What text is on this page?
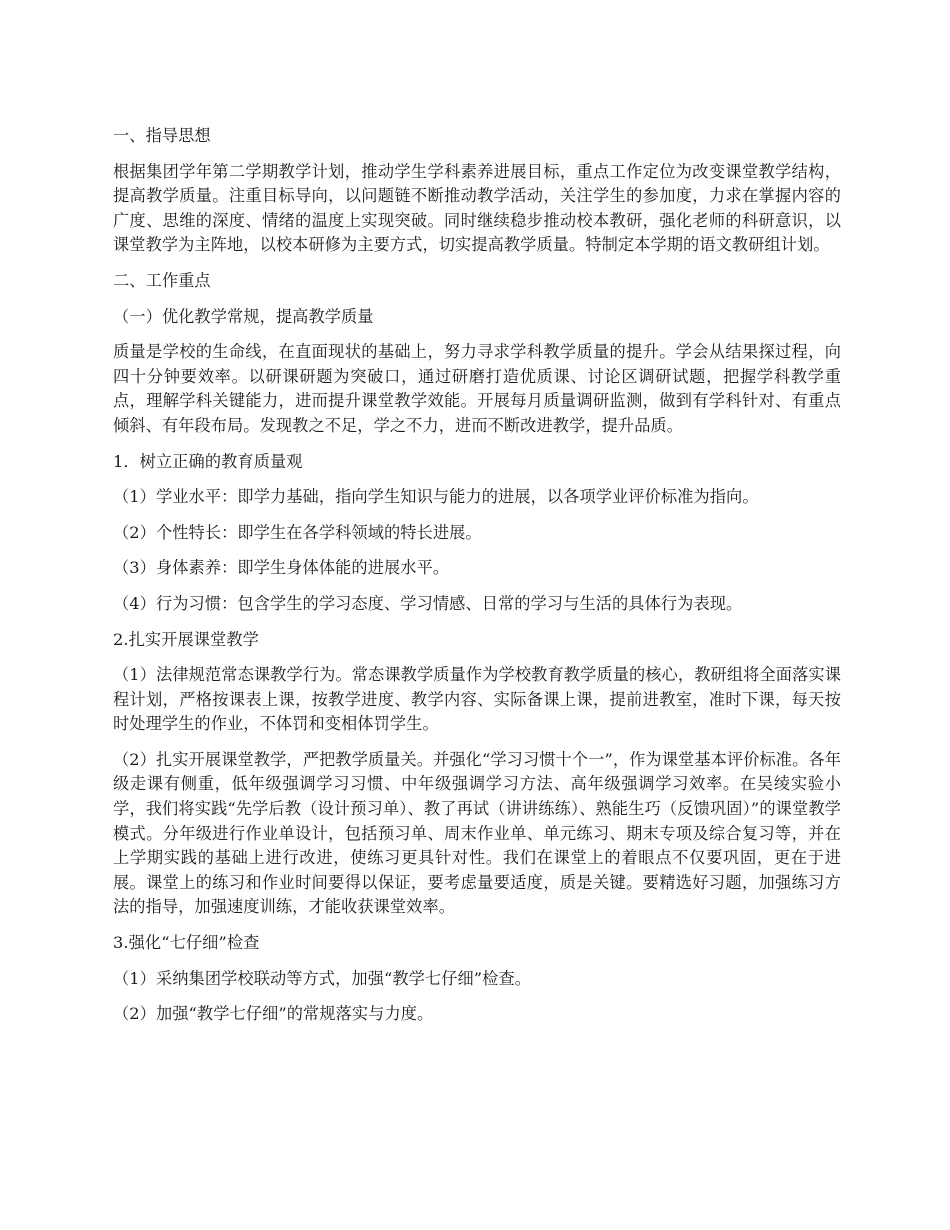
一、指导思想

根据集团学年第二学期教学计划，推动学生学科素养进展目标，重点工作定位为改变课堂教学结构，提高教学质量。注重目标导向，以问题链不断推动教学活动，关注学生的参加度，力求在掌握内容的广度、思维的深度、情绪的温度上实现突破。同时继续稳步推动校本教研，强化老师的科研意识，以课堂教学为主阵地，以校本研修为主要方式，切实提高教学质量。特制定本学期的语文教研组计划。

二、工作重点

（一）优化教学常规，提高教学质量

质量是学校的生命线，在直面现状的基础上，努力寻求学科教学质量的提升。学会从结果探过程，向四十分钟要效率。以研课研题为突破口，通过研磨打造优质课、讨论区调研试题，把握学科教学重点，理解学科关键能力，进而提升课堂教学效能。开展每月质量调研监测，做到有学科针对、有重点倾斜、有年段布局。发现教之不足，学之不力，进而不断改进教学，提升品质。

1．树立正确的教育质量观

（1）学业水平：即学力基础，指向学生知识与能力的进展，以各项学业评价标准为指向。

（2）个性特长：即学生在各学科领域的特长进展。

（3）身体素养：即学生身体体能的进展水平。

（4）行为习惯：包含学生的学习态度、学习情感、日常的学习与生活的具体行为表现。

2.扎实开展课堂教学

（1）法律规范常态课教学行为。常态课教学质量作为学校教育教学质量的核心，教研组将全面落实课程计划，严格按课表上课，按教学进度、教学内容、实际备课上课，提前进教室，准时下课，每天按时处理学生的作业，不体罚和变相体罚学生。

（2）扎实开展课堂教学，严把教学质量关。并强化“学习习惯十个一”，作为课堂基本评价标准。各年级走课有侧重，低年级强调学习习惯、中年级强调学习方法、高年级强调学习效率。在吴绫实验小学，我们将实践“先学后教（设计预习单）、教了再试（讲讲练练）、熟能生巧（反馈巩固）”的课堂教学模式。分年级进行作业单设计，包括预习单、周末作业单、单元练习、期末专项及综合复习等，并在上学期实践的基础上进行改进，使练习更具针对性。我们在课堂上的着眼点不仅要巩固，更在于进展。课堂上的练习和作业时间要得以保证，要考虑量要适度，质是关键。要精选好习题，加强练习方法的指导，加强速度训练，才能收获课堂效率。

3.强化“七仔细”检查

（1）采纳集团学校联动等方式，加强“教学七仔细”检查。

（2）加强“教学七仔细”的常规落实与力度。
